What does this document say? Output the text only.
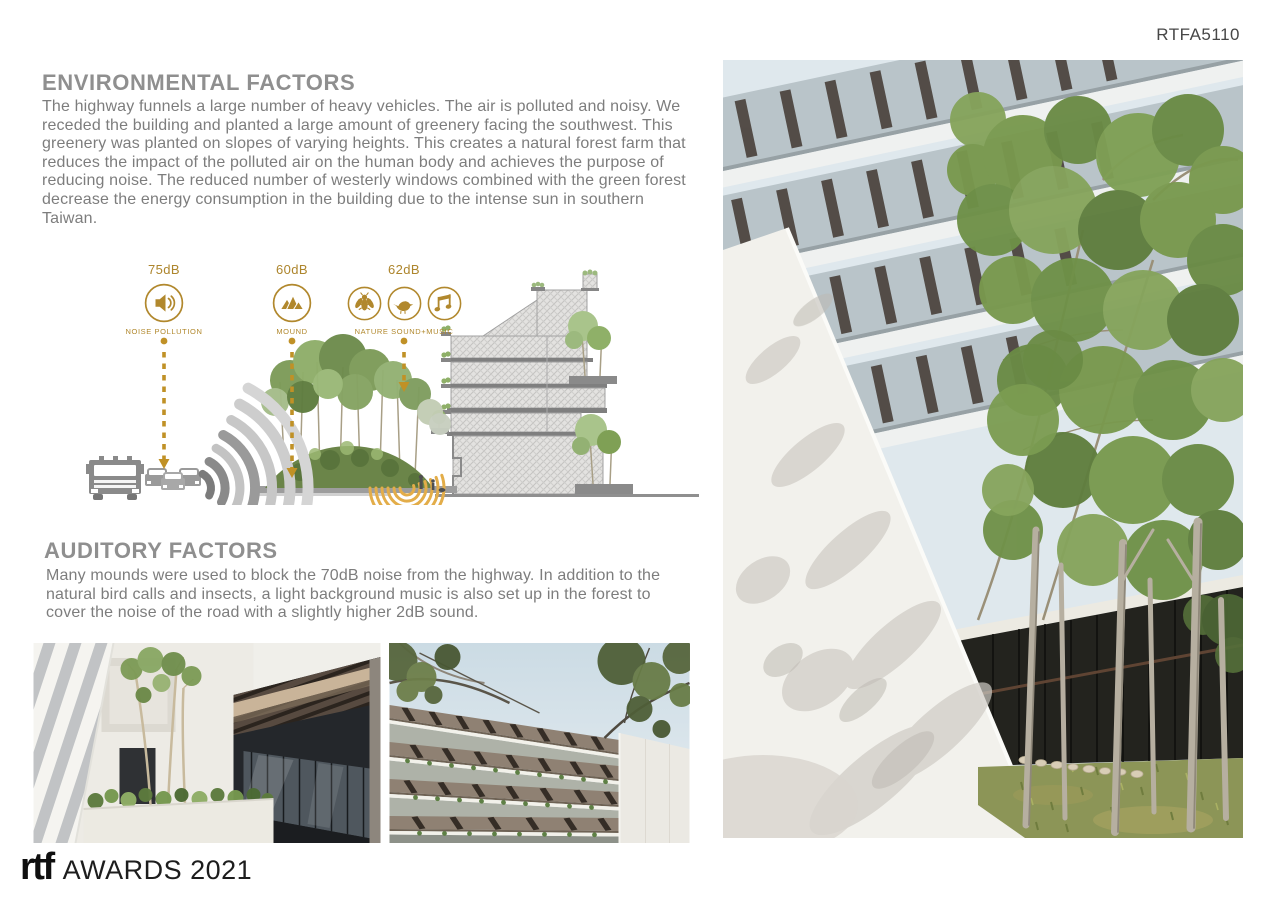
RTFA5110
ENVIRONMENTAL FACTORS
The highway funnels a large number of heavy vehicles. The air is polluted and noisy. We receded the building and planted a large amount of greenery facing the southwest. This greenery was planted on slopes of varying heights. This creates a natural forest farm that reduces the impact of the polluted air on the human body and achieves the purpose of reducing noise. The reduced number of westerly windows combined with the green forest decrease the energy consumption in the building due to the intense sun in southern Taiwan.
75dB
NOISE POLLUTION
60dB
MOUND
62dB
NATURE SOUND+MUSIC
AUDITORY FACTORS
Many mounds were used to block the 70dB noise from the highway. In addition to the natural bird calls and insects, a light background music is also set up in the forest to cover the noise of the road with a slightly higher 2dB sound.
rtf AWARDS 2021
